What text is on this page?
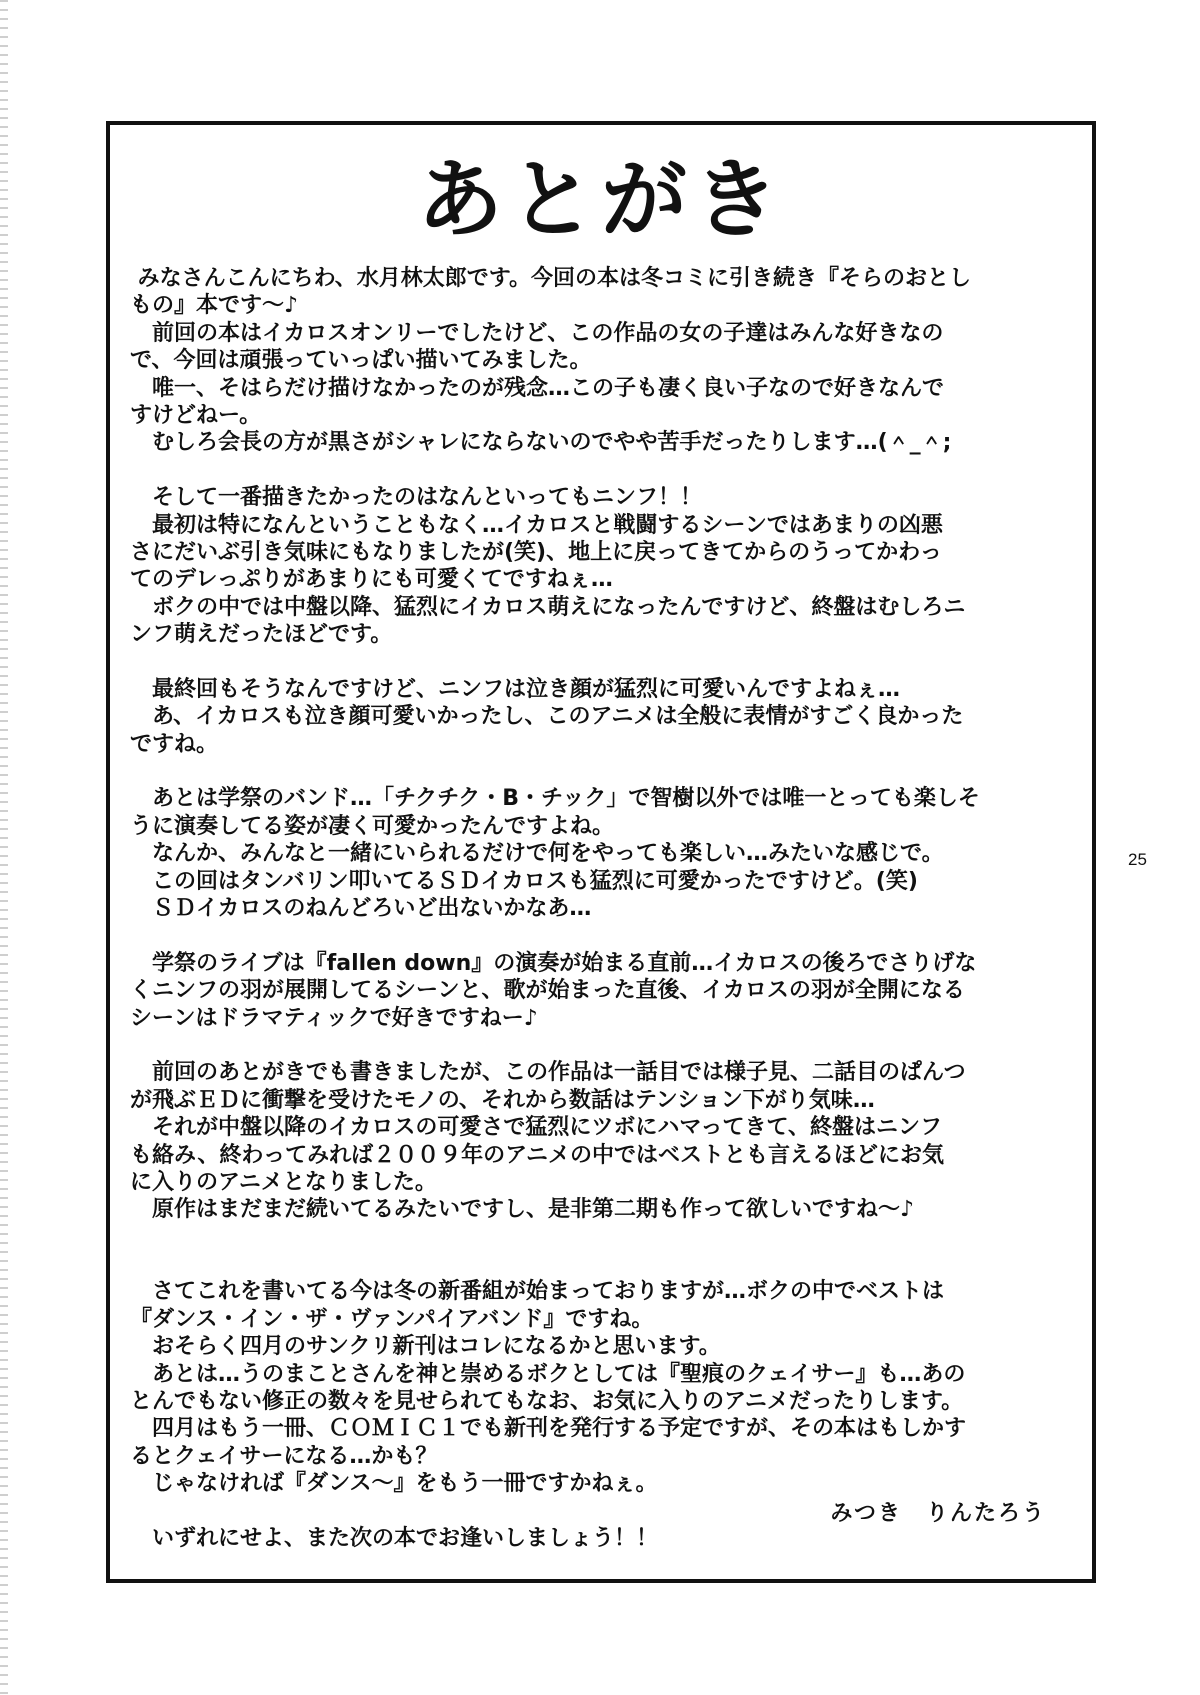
あとがき
みなさんこんにちわ、水月林太郎です。今回の本は冬コミに引き続き『そらのおとし
もの』本です～♪
　前回の本はイカロスオンリーでしたけど、この作品の女の子達はみんな好きなの
で、今回は頑張っていっぱい描いてみました。
　唯一、そはらだけ描けなかったのが残念…この子も凄く良い子なので好きなんで
すけどねー。
　むしろ会長の方が黒さがシャレにならないのでやや苦手だったりします…(＾_＾;
　そして一番描きたかったのはなんといってもニンフ！！
　最初は特になんということもなく…イカロスと戦闘するシーンではあまりの凶悪
さにだいぶ引き気味にもなりましたが(笑)、地上に戻ってきてからのうってかわっ
てのデレっぷりがあまりにも可愛くてですねぇ…
　ボクの中では中盤以降、猛烈にイカロス萌えになったんですけど、終盤はむしろニ
ンフ萌えだったほどです。
　最終回もそうなんですけど、ニンフは泣き顔が猛烈に可愛いんですよねぇ…
　あ、イカロスも泣き顔可愛いかったし、このアニメは全般に表情がすごく良かった
ですね。
　あとは学祭のバンド…「チクチク・B・チック」で智樹以外では唯一とっても楽しそ
うに演奏してる姿が凄く可愛かったんですよね。
　なんか、みんなと一緒にいられるだけで何をやっても楽しい…みたいな感じで。
　この回はタンバリン叩いてるＳＤイカロスも猛烈に可愛かったですけど。(笑)
　ＳＤイカロスのねんどろいど出ないかなあ…
　学祭のライブは『fallen down』の演奏が始まる直前…イカロスの後ろでさりげな
くニンフの羽が展開してるシーンと、歌が始まった直後、イカロスの羽が全開になる
シーンはドラマティックで好きですねー♪
　前回のあとがきでも書きましたが、この作品は一話目では様子見、二話目のぱんつ
が飛ぶＥＤに衝撃を受けたモノの、それから数話はテンション下がり気味…
　それが中盤以降のイカロスの可愛さで猛烈にツボにハマってきて、終盤はニンフ
も絡み、終わってみれば２００９年のアニメの中ではベストとも言えるほどにお気
に入りのアニメとなりました。
　原作はまだまだ続いてるみたいですし、是非第二期も作って欲しいですね～♪
　さてこれを書いてる今は冬の新番組が始まっておりますが…ボクの中でベストは
『ダンス・イン・ザ・ヴァンパイアバンド』ですね。
　おそらく四月のサンクリ新刊はコレになるかと思います。
　あとは…うのまことさんを神と崇めるボクとしては『聖痕のクェイサー』も…あの
とんでもない修正の数々を見せられてもなお、お気に入りのアニメだったりします。
　四月はもう一冊、ＣＯＭＩＣ１でも新刊を発行する予定ですが、その本はもしかす
るとクェイサーになる…かも？
　じゃなければ『ダンス～』をもう一冊ですかねぇ。
　いずれにせよ、また次の本でお逢いしましょう！！
みつき　りんたろう
25
